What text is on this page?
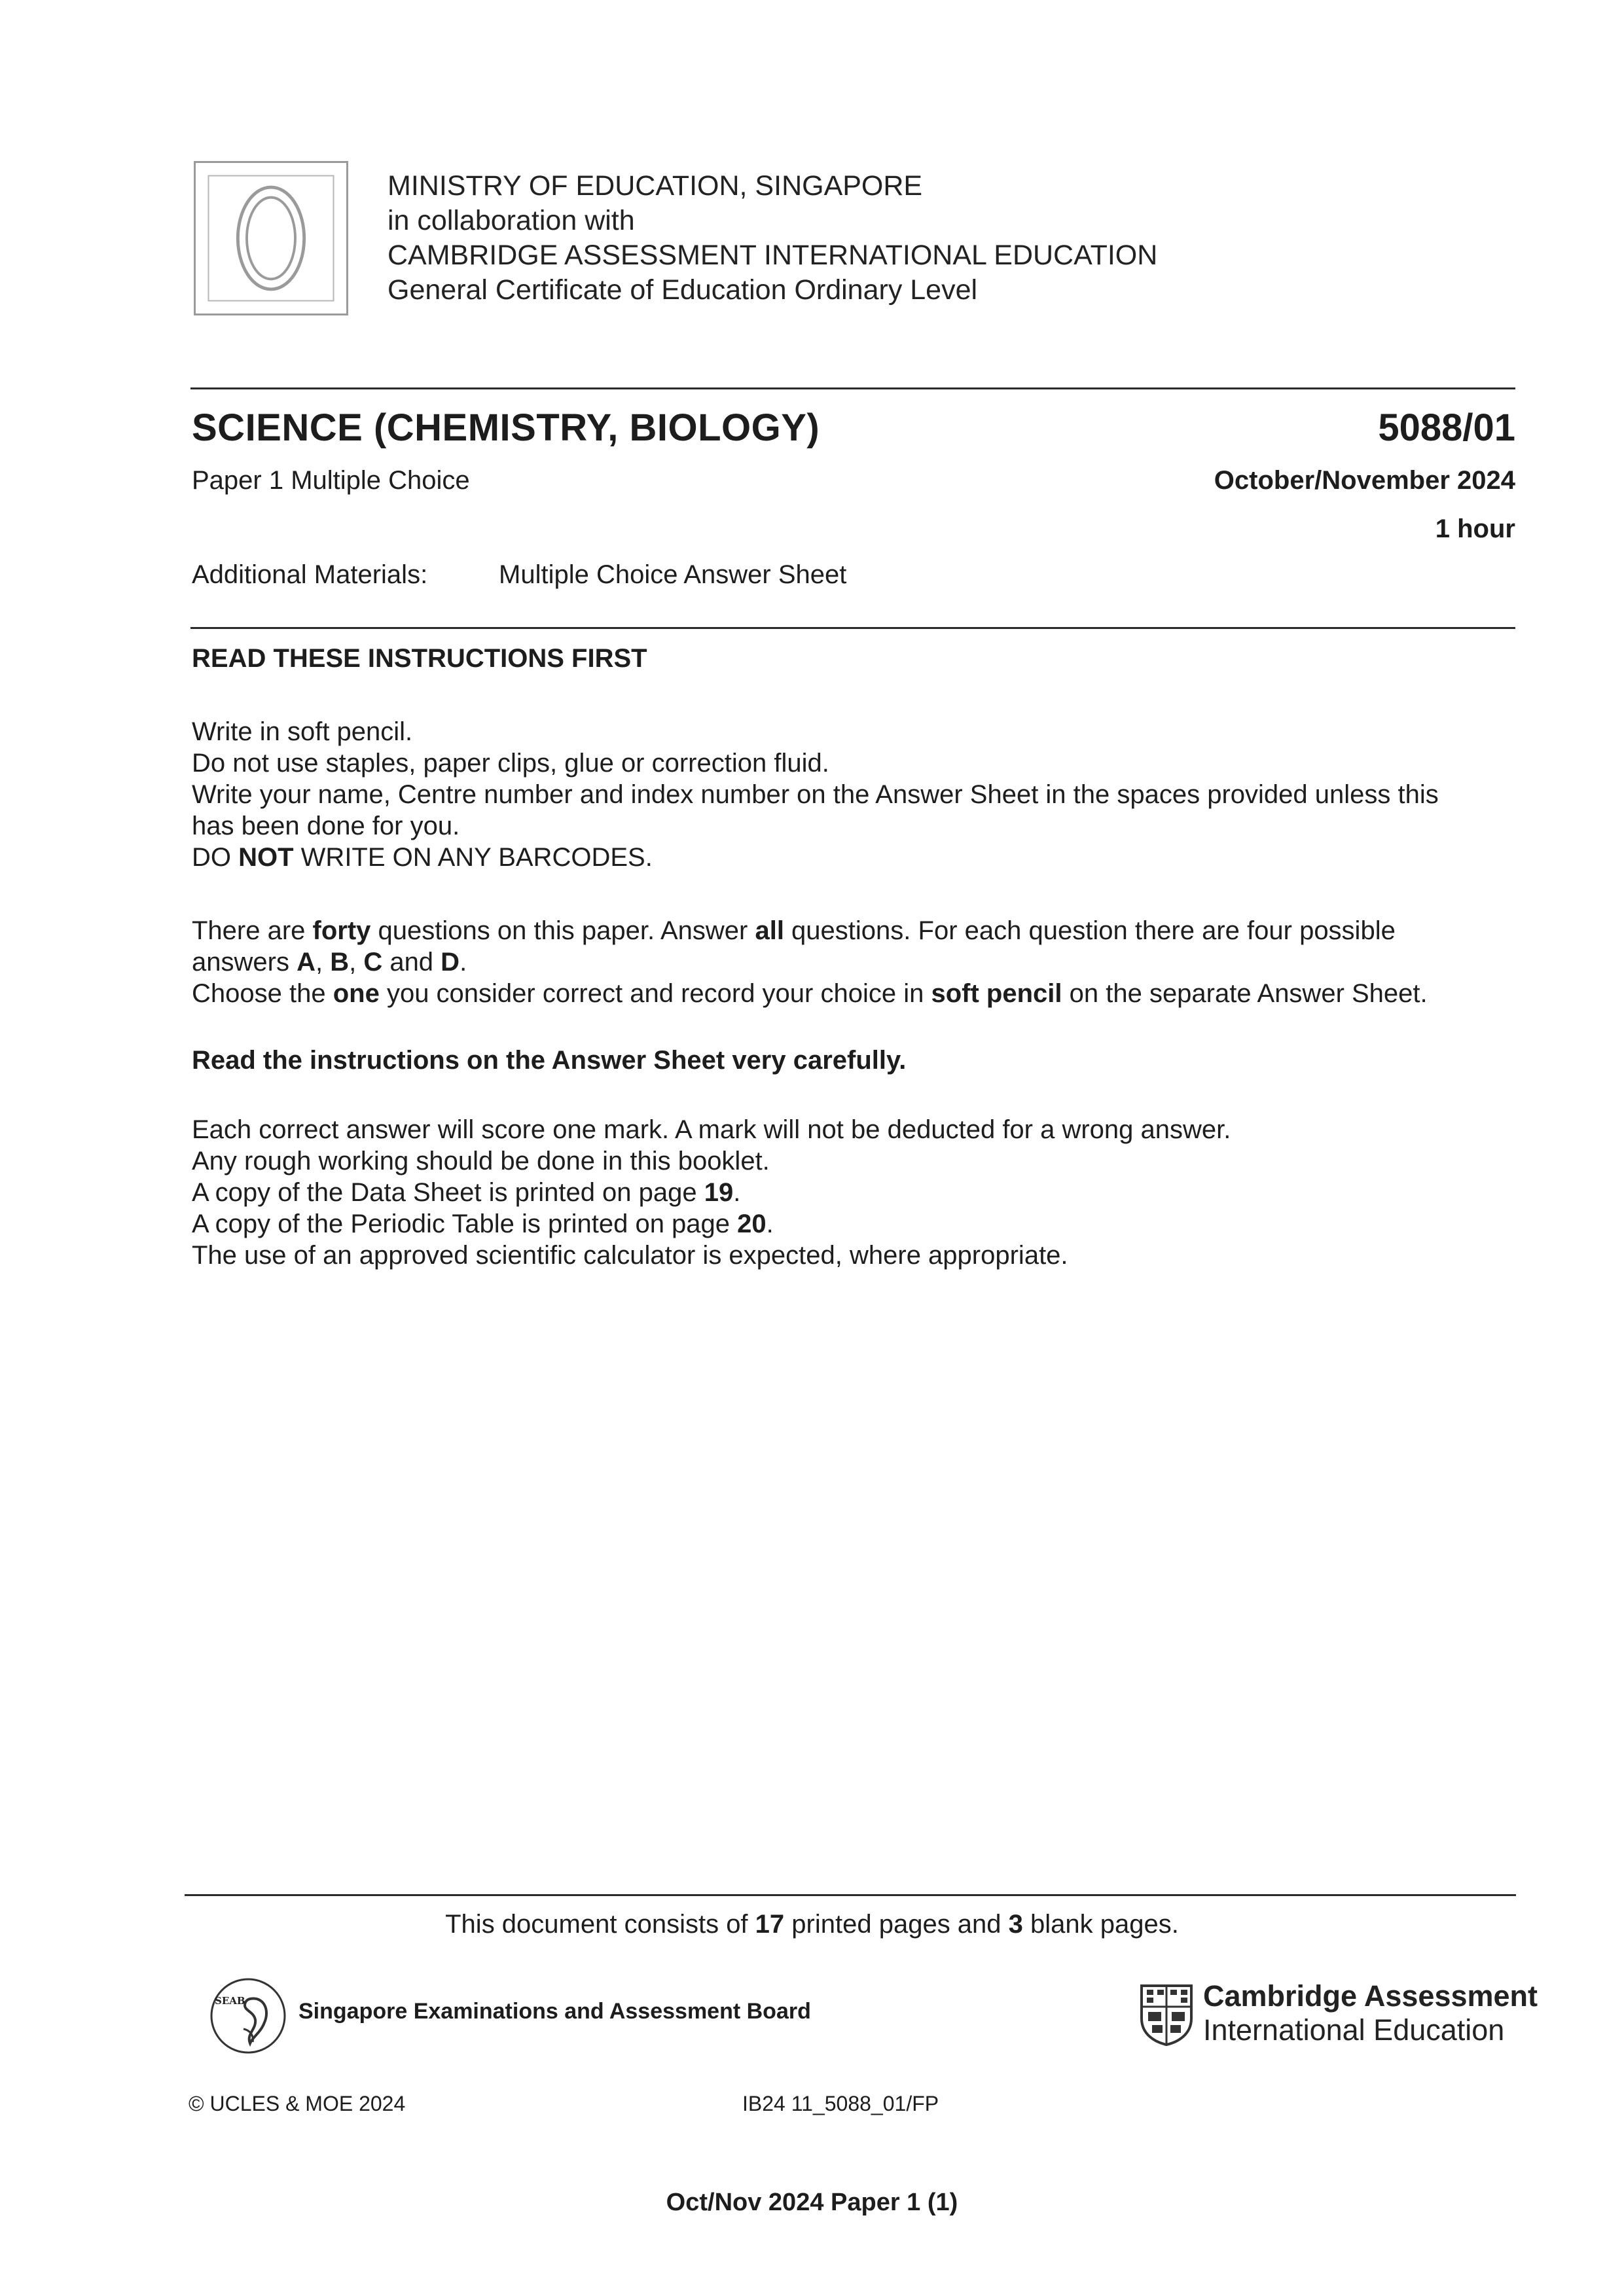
MINISTRY OF EDUCATION, SINGAPORE
in collaboration with
CAMBRIDGE ASSESSMENT INTERNATIONAL EDUCATION
General Certificate of Education Ordinary Level
SCIENCE (CHEMISTRY, BIOLOGY)	5088/01
Paper 1 Multiple Choice	October/November 2024
1 hour
Additional Materials:	Multiple Choice Answer Sheet
READ THESE INSTRUCTIONS FIRST

Write in soft pencil.

Do not use staples, paper clips, glue or correction fluid.

Write your name, Centre number and index number on the Answer Sheet in the spaces provided unless this has been done for you.

DO NOT WRITE ON ANY BARCODES.

There are forty questions on this paper. Answer all questions. For each question there are four possible answers A, B, C and D.

Choose the one you consider correct and record your choice in soft pencil on the separate Answer Sheet.

Read the instructions on the Answer Sheet very carefully.

Each correct answer will score one mark. A mark will not be deducted for a wrong answer.

Any rough working should be done in this booklet.

A copy of the Data Sheet is printed on page 19.

A copy of the Periodic Table is printed on page 20.

The use of an approved scientific calculator is expected, where appropriate.

This document consists of 17 printed pages and 3 blank pages.
SEAB Singapore Examinations and Assessment Board	Cambridge Assessment
International Education
© UCLES & MOE 2024	IB24 11_5088_01/FP
Oct/Nov 2024 Paper 1 (1)
